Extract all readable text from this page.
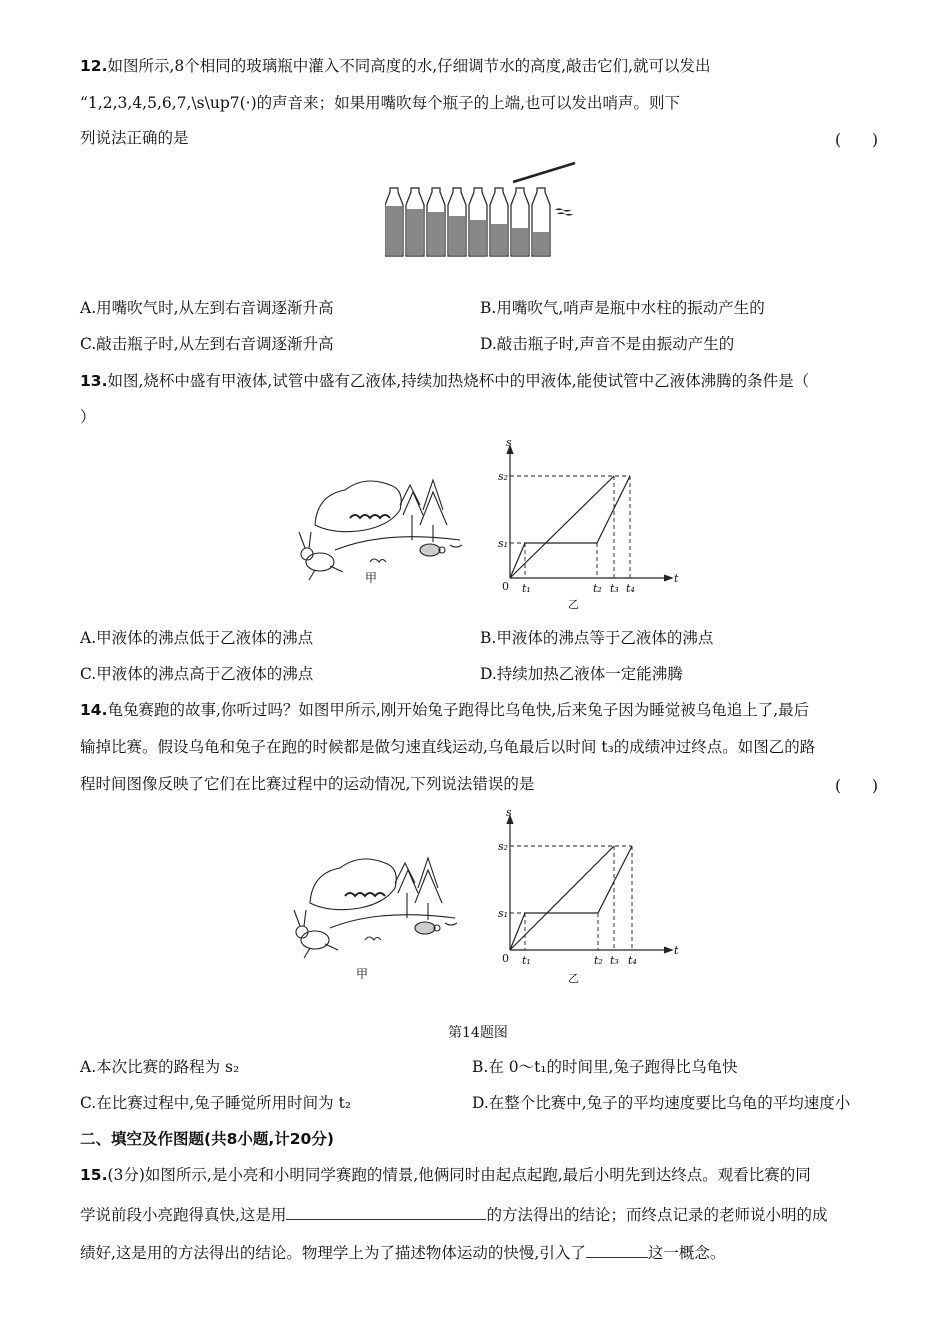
12.如图所示,8个相同的玻璃瓶中灌入不同高度的水,仔细调节水的高度,敲击它们,就可以发出
“1,2,3,4,5,6,7,\s\up7(·)的声音来；如果用嘴吹每个瓶子的上端,也可以发出哨声。则下
列说法正确的是	(　　)
A.用嘴吹气时,从左到右音调逐渐升高	B.用嘴吹气,哨声是瓶中水柱的振动产生的
C.敲击瓶子时,从左到右音调逐渐升高	D.敲击瓶子时,声音不是由振动产生的
13.如图,烧杯中盛有甲液体,试管中盛有乙液体,持续加热烧杯中的甲液体,能使试管中乙液体沸腾的条件是（
）
甲
s
t
s₂
s₁
0 t₁	t₂ t₃ t₄
乙
A.甲液体的沸点低于乙液体的沸点	B.甲液体的沸点等于乙液体的沸点
C.甲液体的沸点高于乙液体的沸点	D.持续加热乙液体一定能沸腾
14.龟兔赛跑的故事,你听过吗？如图甲所示,刚开始兔子跑得比乌龟快,后来兔子因为睡觉被乌龟追上了,最后
输掉比赛。假设乌龟和兔子在跑的时候都是做匀速直线运动,乌龟最后以时间 t₃的成绩冲过终点。如图乙的路
程时间图像反映了它们在比赛过程中的运动情况,下列说法错误的是	(　　)
甲
s
t
s₂
s₁
0 t₁	t₂ t₃ t₄
乙
第14题图
A.本次比赛的路程为 s₂	B.在 0～t₁的时间里,兔子跑得比乌龟快
C.在比赛过程中,兔子睡觉所用时间为 t₂	D.在整个比赛中,兔子的平均速度要比乌龟的平均速度小
二、填空及作图题(共8小题,计20分)
15.(3分)如图所示,是小亮和小明同学赛跑的情景,他俩同时由起点起跑,最后小明先到达终点。观看比赛的同
学说前段小亮跑得真快,这是用	的方法得出的结论；而终点记录的老师说小明的成
绩好,这是用的方法得出的结论。物理学上为了描述物体运动的快慢,引入了	这一概念。
